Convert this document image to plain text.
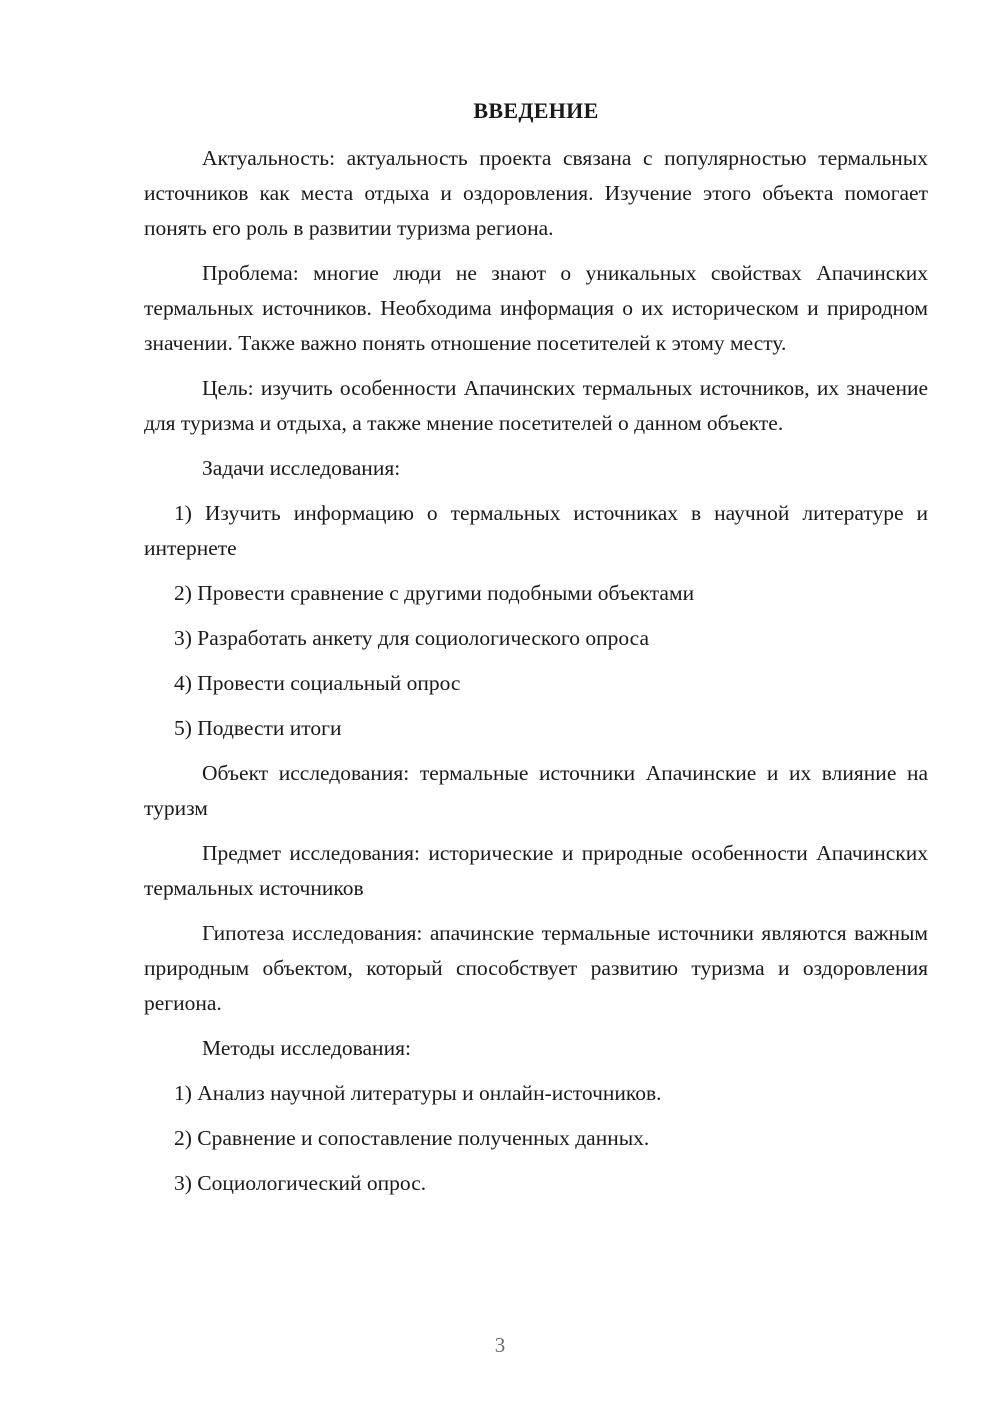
ВВЕДЕНИЕ

Актуальность: актуальность проекта связана с популярностью термальных источников как места отдыха и оздоровления. Изучение этого объекта помогает понять его роль в развитии туризма региона.

Проблема: многие люди не знают о уникальных свойствах Апачинских термальных источников. Необходима информация о их историческом и природном значении. Также важно понять отношение посетителей к этому месту.

Цель: изучить особенности Апачинских термальных источников, их значение для туризма и отдыха, а также мнение посетителей о данном объекте.

Задачи исследования:

1) Изучить информацию о термальных источниках в научной литературе и интернете

2) Провести сравнение с другими подобными объектами

3) Разработать анкету для социологического опроса

4) Провести социальный опрос

5) Подвести итоги

Объект исследования: термальные источники Апачинские и их влияние на туризм

Предмет исследования: исторические и природные особенности Апачинских термальных источников

Гипотеза исследования: апачинские термальные источники являются важным природным объектом, который способствует развитию туризма и оздоровления региона.

Методы исследования:

1) Анализ научной литературы и онлайн-источников.

2) Сравнение и сопоставление полученных данных.

3) Социологический опрос.

3
